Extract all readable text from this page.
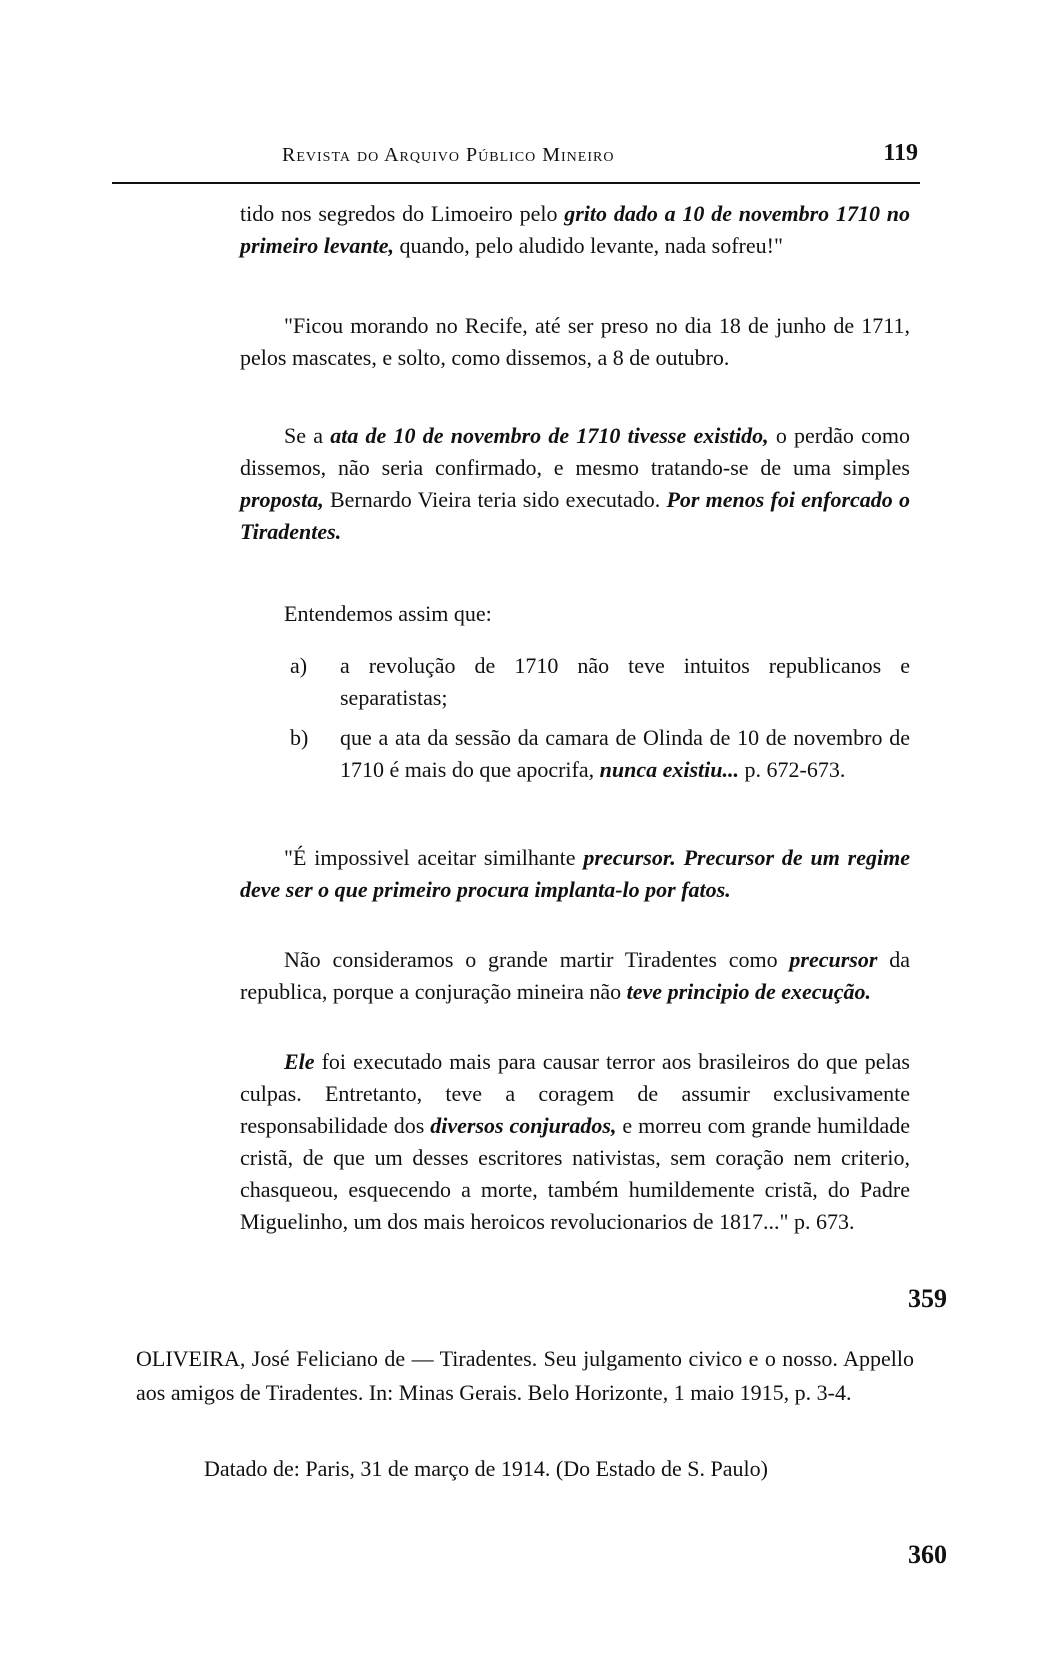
Revista do Arquivo Público Mineiro	119

tido nos segredos do Limoeiro pelo grito dado a 10 de novembro 1710 no primeiro levante, quando, pelo aludido levante, nada sofreu!"

"Ficou morando no Recife, até ser preso no dia 18 de junho de 1711, pelos mascates, e solto, como dissemos, a 8 de outubro.

Se a ata de 10 de novembro de 1710 tivesse existido, o perdão como dissemos, não seria confirmado, e mesmo tratando-se de uma simples proposta, Bernardo Vieira teria sido executado. Por menos foi enforcado o Tiradentes.

Entendemos assim que:

a) a revolução de 1710 não teve intuitos republicanos e separatistas;
b) que a ata da sessão da camara de Olinda de 10 de novembro de 1710 é mais do que apocrifa, nunca existiu... p. 672-673.

"É impossivel aceitar similhante precursor. Precursor de um regime deve ser o que primeiro procura implanta-lo por fatos.

Não consideramos o grande martir Tiradentes como precursor da republica, porque a conjuração mineira não teve principio de execução.

Ele foi executado mais para causar terror aos brasileiros do que pelas culpas. Entretanto, teve a coragem de assumir exclusivamente responsabilidade dos diversos conjurados, e morreu com grande humildade cristã, de que um desses escritores nativistas, sem coração nem criterio, chasqueou, esquecendo a morte, também humildemente cristã, do Padre Miguelinho, um dos mais heroicos revolucionarios de 1817..." p. 673.

359

OLIVEIRA, José Feliciano de — Tiradentes. Seu julgamento civico e o nosso. Appello aos amigos de Tiradentes. In: Minas Gerais. Belo Horizonte, 1 maio 1915, p. 3-4.

Datado de: Paris, 31 de março de 1914. (Do Estado de S. Paulo)

360
